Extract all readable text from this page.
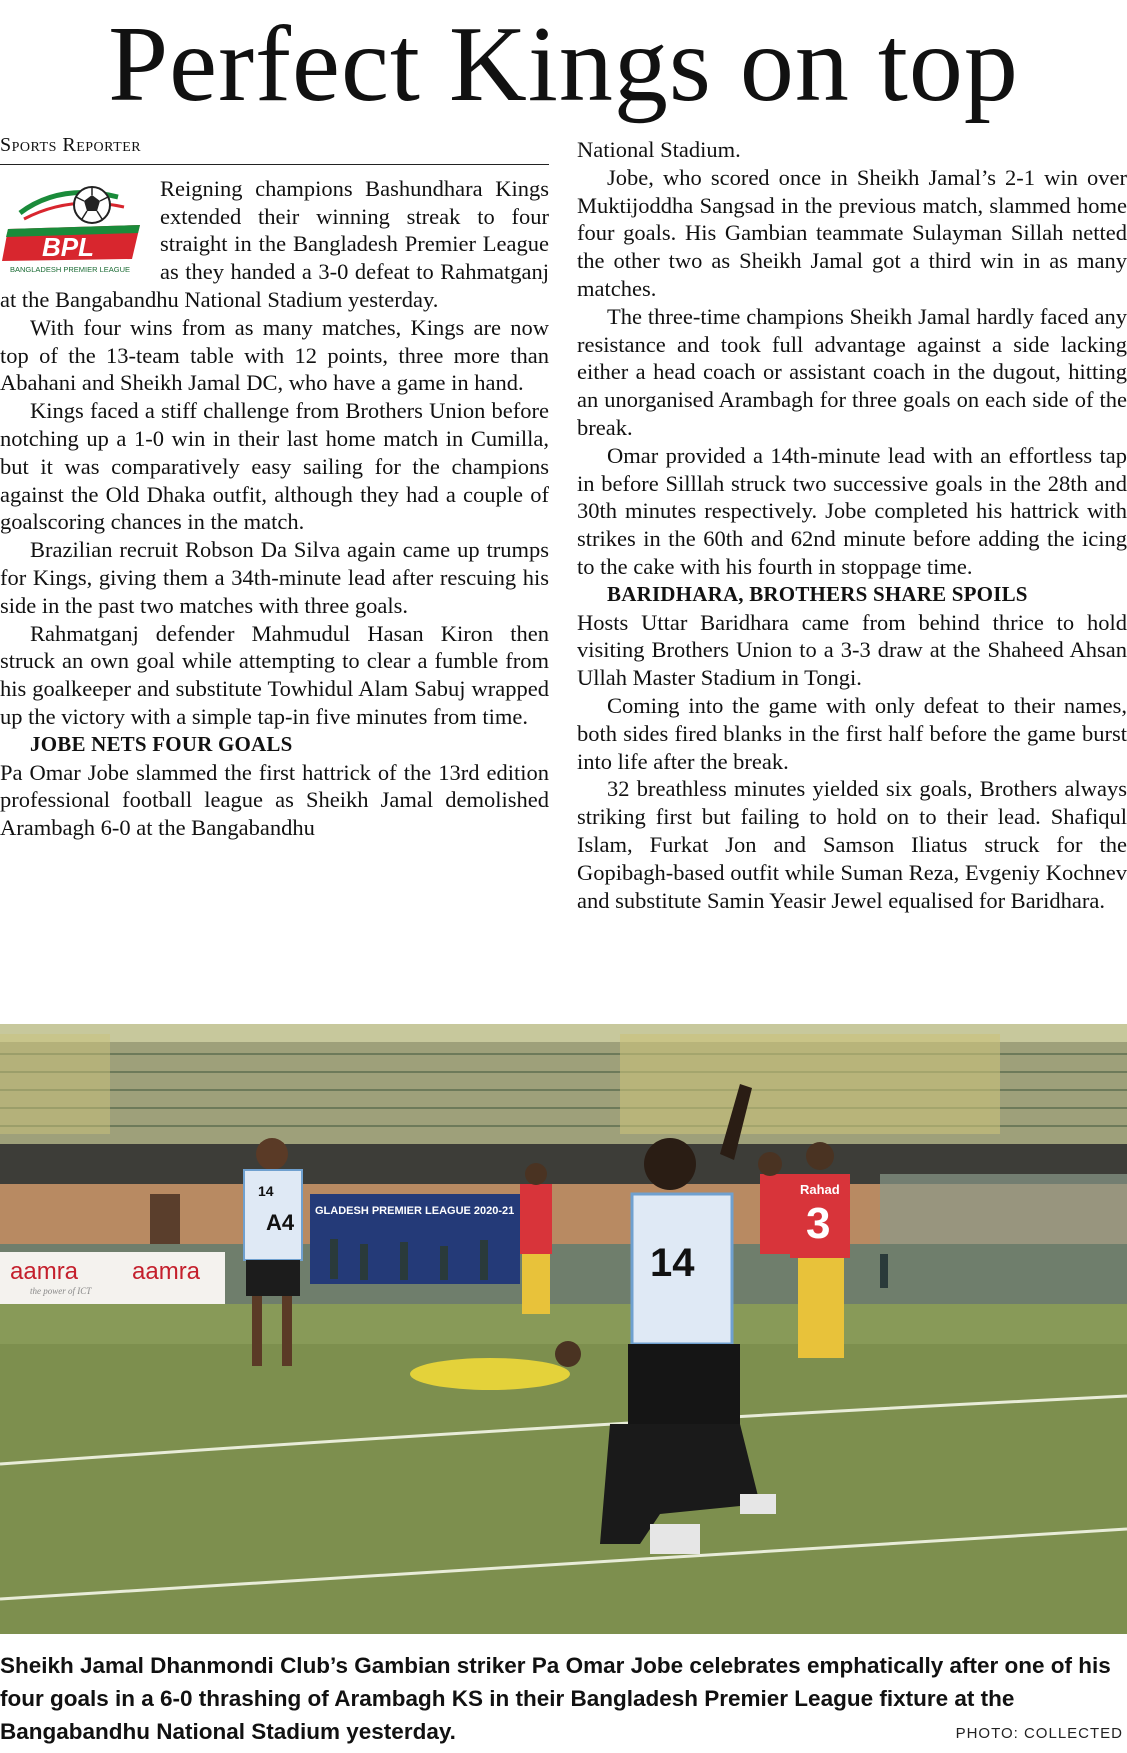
Perfect Kings on top
Sports Reporter
BPL
BANGLADESH PREMIER LEAGUE

Reigning champions Bashundhara Kings extended their winning streak to four straight in the Bangladesh Premier League as they handed a 3-0 defeat to Rahmatganj at the Bangabandhu National Stadium yesterday.

With four wins from as many matches, Kings are now top of the 13-team table with 12 points, three more than Abahani and Sheikh Jamal DC, who have a game in hand.

Kings faced a stiff challenge from Brothers Union before notching up a 1-0 win in their last home match in Cumilla, but it was comparatively easy sailing for the champions against the Old Dhaka outfit, although they had a couple of goalscoring chances in the match.

Brazilian recruit Robson Da Silva again came up trumps for Kings, giving them a 34th-minute lead after rescuing his side in the past two matches with three goals.

Rahmatganj defender Mahmudul Hasan Kiron then struck an own goal while attempting to clear a fumble from his goalkeeper and substitute Towhidul Alam Sabuj wrapped up the victory with a simple tap-in five minutes from time.

JOBE NETS FOUR GOALS

Pa Omar Jobe slammed the first hattrick of the 13rd edition professional football league as Sheikh Jamal demolished Arambagh 6-0 at the Bangabandhu

National Stadium.

Jobe, who scored once in Sheikh Jamal’s 2-1 win over Muktijoddha Sangsad in the previous match, slammed home four goals. His Gambian teammate Sulayman Sillah netted the other two as Sheikh Jamal got a third win in as many matches.

The three-time champions Sheikh Jamal hardly faced any resistance and took full advantage against a side lacking either a head coach or assistant coach in the dugout, hitting an unorganised Arambagh for three goals on each side of the break.

Omar provided a 14th-minute lead with an effortless tap in before Silllah struck two successive goals in the 28th and 30th minutes respectively. Jobe completed his hattrick with strikes in the 60th and 62nd minute before adding the icing to the cake with his fourth in stoppage time.

BARIDHARA, BROTHERS SHARE SPOILS

Hosts Uttar Baridhara came from behind thrice to hold visiting Brothers Union to a 3-3 draw at the Shaheed Ahsan Ullah Master Stadium in Tongi.

Coming into the game with only defeat to their names, both sides fired blanks in the first half before the game burst into life after the break.

32 breathless minutes yielded six goals, Brothers always striking first but failing to hold on to their lead. Shafiqul Islam, Furkat Jon and Samson Iliatus struck for the Gopibagh-based outfit while Suman Reza, Evgeniy Kochnev and substitute Samin Yeasir Jewel equalised for Baridhara.

GLADESH PREMIER LEAGUE 2020-21
aamra aamra
the power of ICT
14
A4
Rahad
3
14
Sheikh Jamal Dhanmondi Club’s Gambian striker Pa Omar Jobe celebrates emphatically after one of his four goals in a 6-0 thrashing of Arambagh KS in their Bangladesh Premier League fixture at the Bangabandhu National Stadium yesterday.	PHOTO: COLLECTED
